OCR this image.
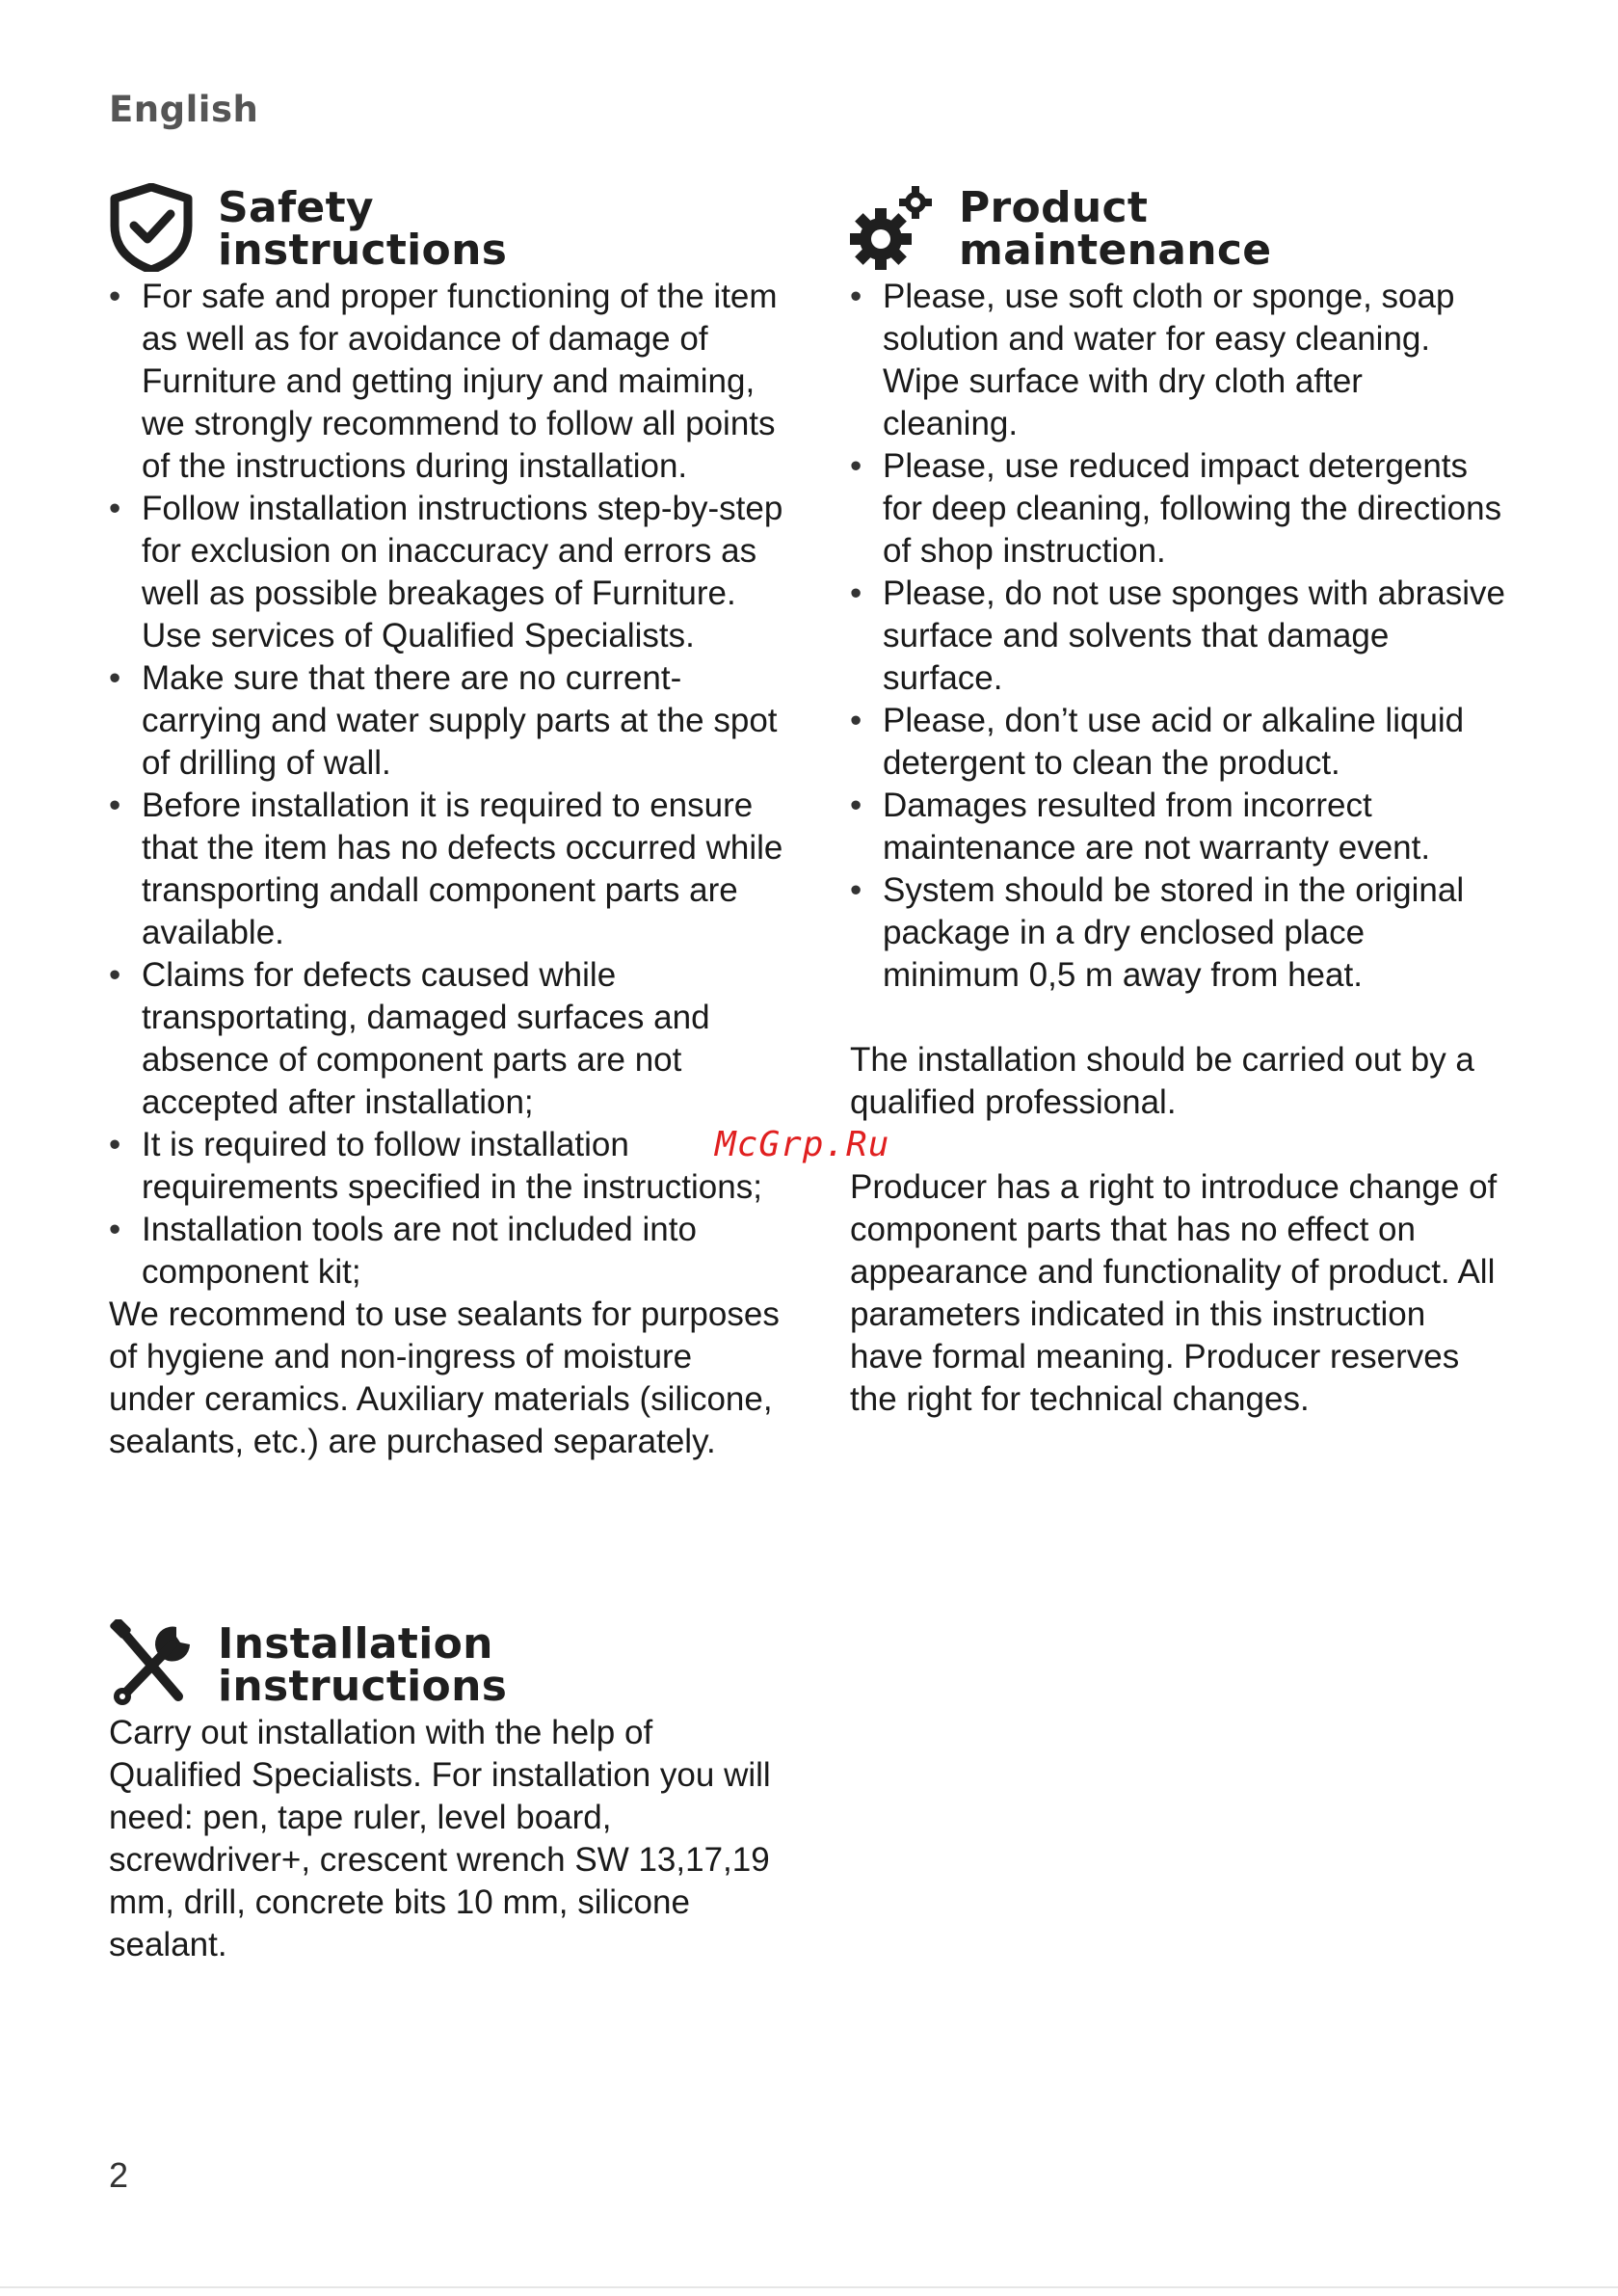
English
Safety
instructions
• For safe and proper functioning of the item as well as for avoidance of damage of Furniture and getting injury and maiming, we strongly recommend to follow all points of the instructions during installation.
• Follow installation instructions step-by-step for exclusion on inaccuracy and errors as well as possible breakages of Furniture. Use services of Qualified Specialists.
• Make sure that there are no current-carrying and water supply parts at the spot of drilling of wall.
• Before installation it is required to ensure that the item has no defects occurred while transporting andall component parts are available.
• Claims for defects caused while transportating, damaged surfaces and absence of component parts are not accepted after installation;
• It is required to follow installation requirements specified in the instructions;
• Installation tools are not included into component kit;

We recommend to use sealants for purposes of hygiene and non-ingress of moisture under ceramics. Auxiliary materials (silicone, sealants, etc.) are purchased separately.

Installation
instructions

Carry out installation with the help of Qualified Specialists. For installation you will need: pen, tape ruler, level board, screwdriver+, crescent wrench SW 13,17,19 mm, drill, concrete bits 10 mm, silicone sealant.

Product
maintenance
• Please, use soft cloth or sponge, soap solution and water for easy cleaning. Wipe surface with dry cloth after cleaning.
• Please, use reduced impact detergents for deep cleaning, following the directions of shop instruction.
• Please, do not use sponges with abrasive surface and solvents that damage surface.
• Please, don’t use acid or alkaline liquid detergent to clean the product.
• Damages resulted from incorrect maintenance are not warranty event.
• System should be stored in the original package in a dry enclosed place minimum 0,5 m away from heat.

The installation should be carried out by a qualified professional.

Producer has a right to introduce change of component parts that has no effect on appearance and functionality of product. All parameters indicated in this instruction have formal meaning. Producer reserves the right for technical changes.

McGrp.Ru
2
